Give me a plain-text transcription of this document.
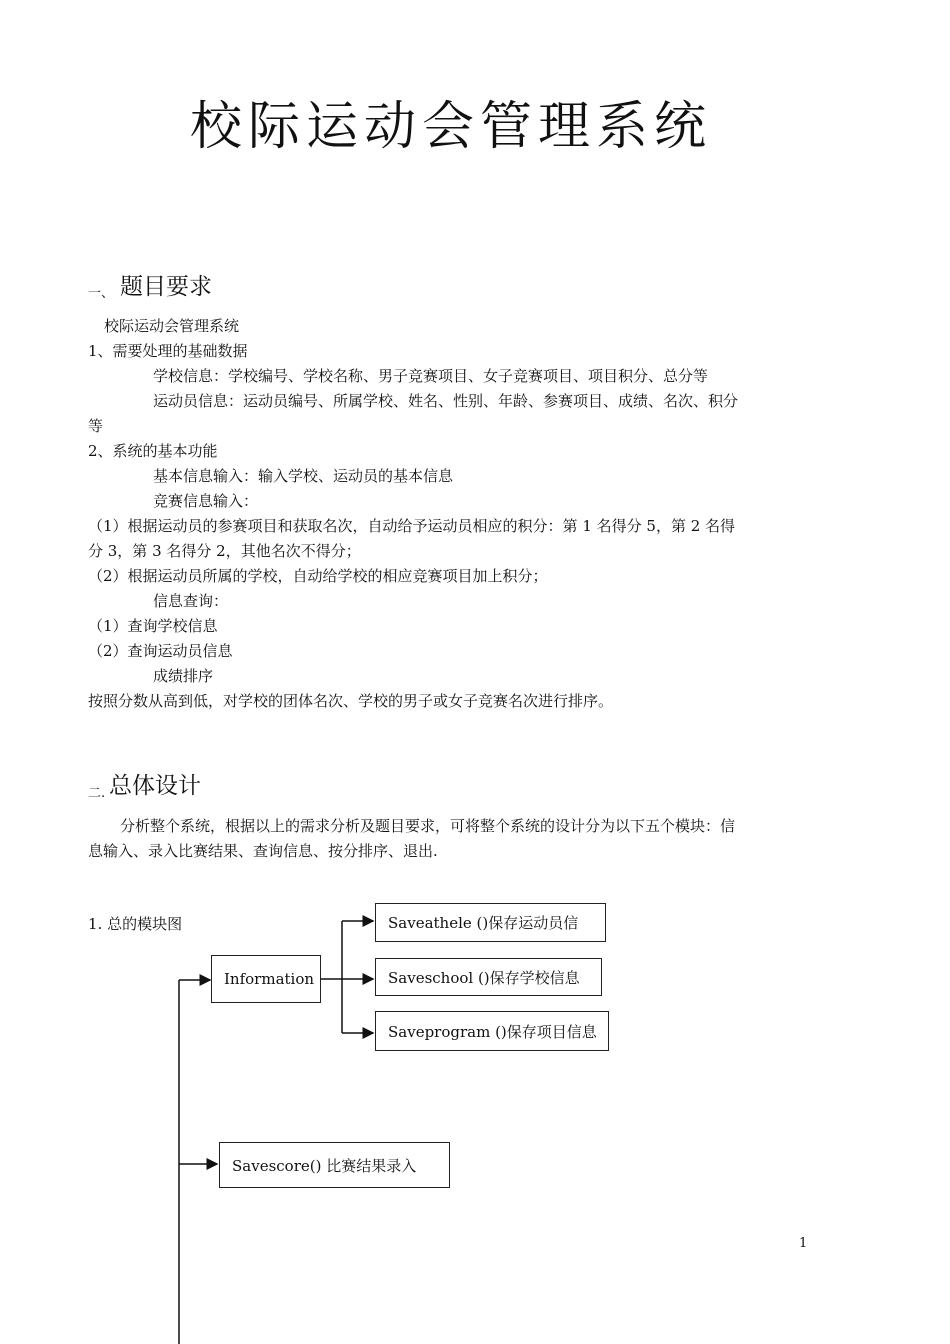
校际运动会管理系统
一、 题目要求
校际运动会管理系统
1、需要处理的基础数据
学校信息：学校编号、学校名称、男子竞赛项目、女子竞赛项目、项目积分、总分等
运动员信息：运动员编号、所属学校、姓名、性别、年龄、参赛项目、成绩、名次、积分
等
2、系统的基本功能
基本信息输入：输入学校、运动员的基本信息
竞赛信息输入：
（1）根据运动员的参赛项目和获取名次，自动给予运动员相应的积分：第 1 名得分 5，第 2 名得
分 3，第 3 名得分 2，其他名次不得分；
（2）根据运动员所属的学校，自动给学校的相应竞赛项目加上积分；
信息查询：
（1）查询学校信息
（2）查询运动员信息
成绩排序
按照分数从高到低，对学校的团体名次、学校的男子或女子竞赛名次进行排序。
二. 总体设计
分析整个系统，根据以上的需求分析及题目要求，可将整个系统的设计分为以下五个模块：信
息输入、录入比赛结果、查询信息、按分排序、退出.
1. 总的模块图
Information
Saveathele ()保存运动员信
Saveschool ()保存学校信息
Saveprogram ()保存项目信息
Savescore() 比赛结果录入
1
